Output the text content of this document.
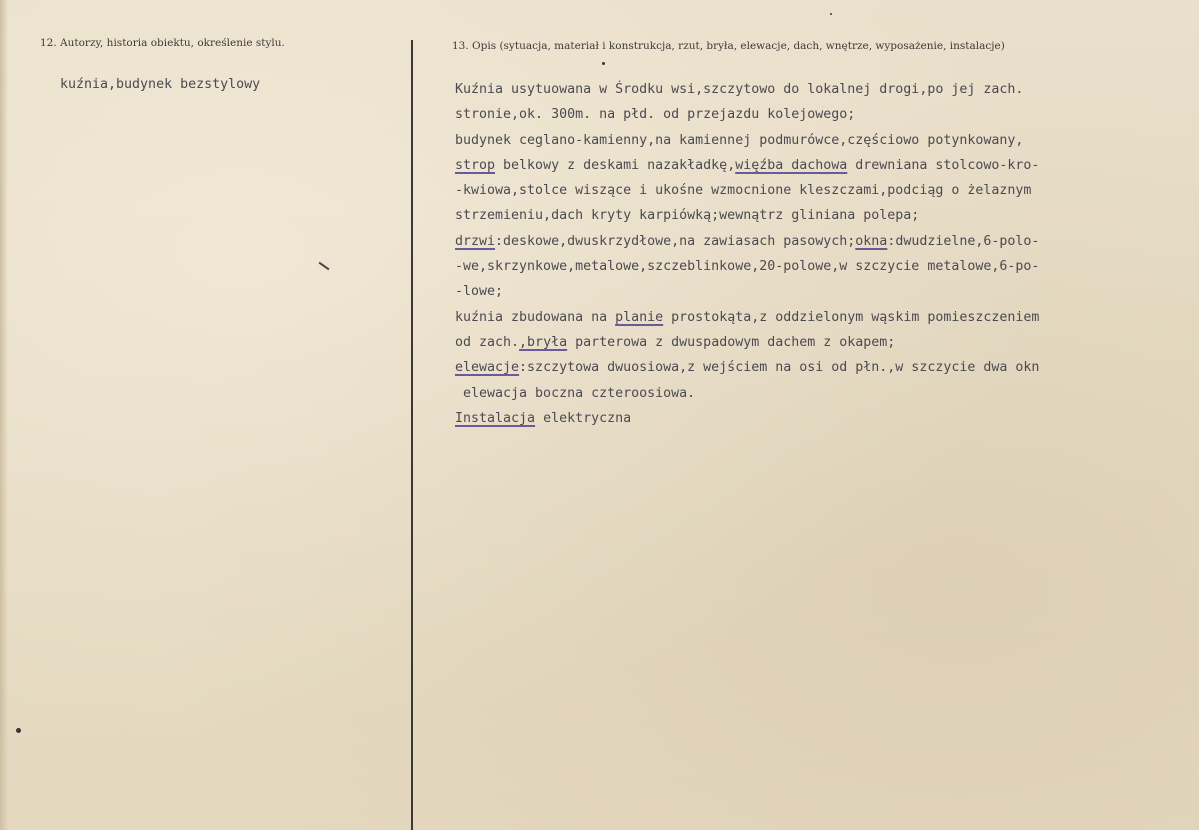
12. Autorzy, historia obiektu, określenie stylu.	13. Opis (sytuacja, materiał i konstrukcja, rzut, bryła, elewacje, dach, wnętrze, wyposażenie, instalacje)
kuźnia,budynek bezstylowy	Kuźnia usytuowana w Środku wsi,szczytowo do lokalnej drogi,po jej zach.
stronie,ok. 300m. na płd. od przejazdu kolejowego;
budynek ceglano-kamienny,na kamiennej podmurówce,częściowo potynkowany,
strop belkowy z deskami nazakładkę,więźba dachowa drewniana stolcowo-kro-
-kwiowa,stolce wiszące i ukośne wzmocnione kleszczami,podciąg o żelaznym
strzemieniu,dach kryty karpiówką;wewnątrz gliniana polepa;
drzwi:deskowe,dwuskrzydłowe,na zawiasach pasowych;okna:dwudzielne,6-polo-
-we,skrzynkowe,metalowe,szczeblinkowe,20-polowe,w szczycie metalowe,6-po-
-lowe;
kuźnia zbudowana na planie prostokąta,z oddzielonym wąskim pomieszczeniem
od zach.,bryła parterowa z dwuspadowym dachem z okapem;
elewacje:szczytowa dwuosiowa,z wejściem na osi od płn.,w szczycie dwa okn
elewacja boczna czteroosiowa.
Instalacja elektryczna
